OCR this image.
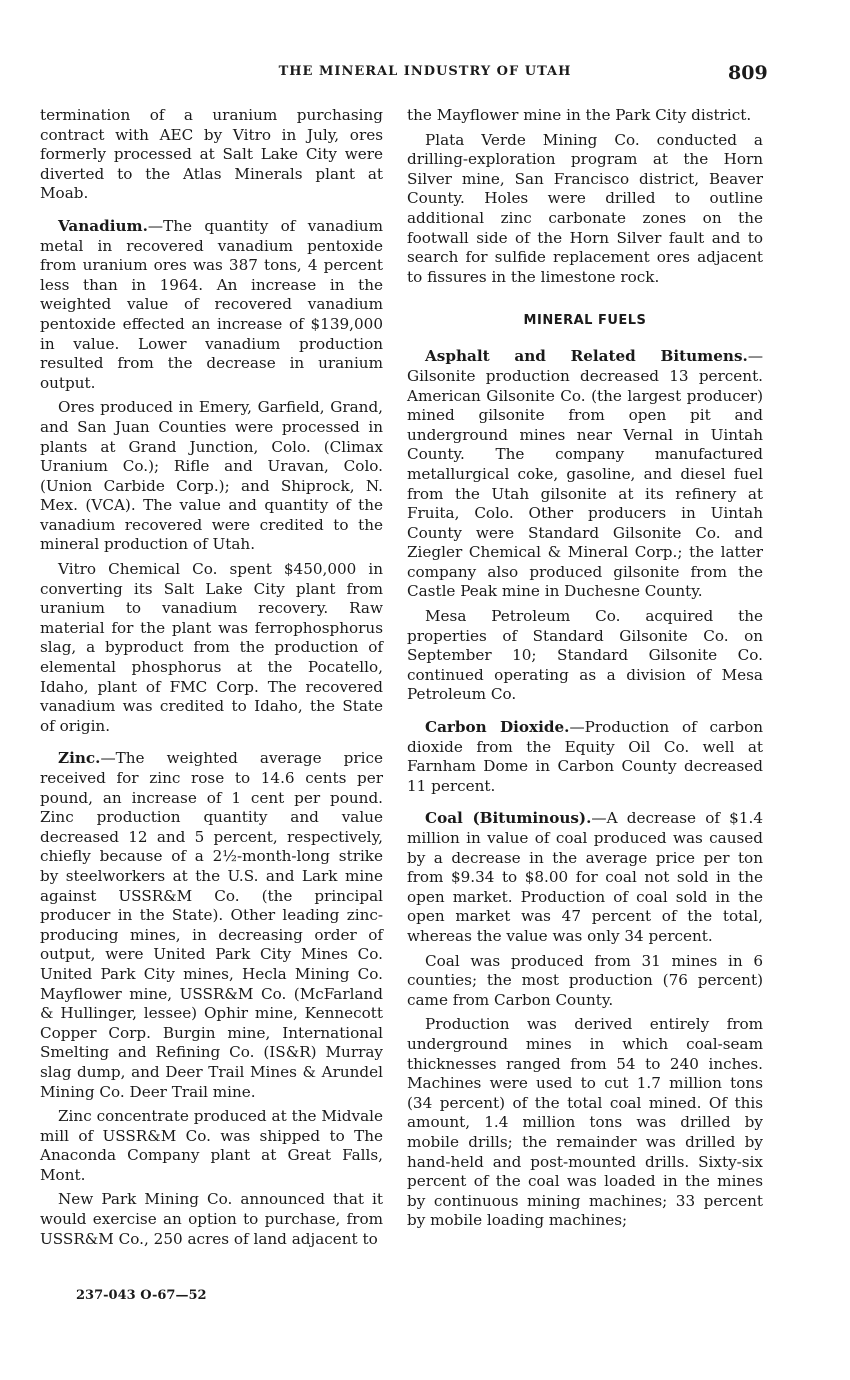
THE MINERAL INDUSTRY OF UTAH	809

termination of a uranium purchasing contract with AEC by Vitro in July, ores formerly processed at Salt Lake City were diverted to the Atlas Minerals plant at Moab.

Vanadium.—The quantity of vanadium metal in recovered vanadium pentoxide from uranium ores was 387 tons, 4 percent less than in 1964. An increase in the weighted value of recovered vanadium pentoxide effected an increase of $139,000 in value. Lower vanadium production resulted from the decrease in uranium output.

Ores produced in Emery, Garfield, Grand, and San Juan Counties were processed in plants at Grand Junction, Colo. (Climax Uranium Co.); Rifle and Uravan, Colo. (Union Carbide Corp.); and Shiprock, N. Mex. (VCA). The value and quantity of the vanadium recovered were credited to the mineral production of Utah.

Vitro Chemical Co. spent $450,000 in converting its Salt Lake City plant from uranium to vanadium recovery. Raw material for the plant was ferrophosphorus slag, a byproduct from the production of elemental phosphorus at the Pocatello, Idaho, plant of FMC Corp. The recovered vanadium was credited to Idaho, the State of origin.

Zinc.—The weighted average price received for zinc rose to 14.6 cents per pound, an increase of 1 cent per pound. Zinc production quantity and value decreased 12 and 5 percent, respectively, chiefly because of a 2½-month-long strike by steelworkers at the U.S. and Lark mine against USSR&M Co. (the principal producer in the State). Other leading zinc-producing mines, in decreasing order of output, were United Park City Mines Co. United Park City mines, Hecla Mining Co. Mayflower mine, USSR&M Co. (McFarland & Hullinger, lessee) Ophir mine, Kennecott Copper Corp. Burgin mine, International Smelting and Refining Co. (IS&R) Murray slag dump, and Deer Trail Mines & Arundel Mining Co. Deer Trail mine.

Zinc concentrate produced at the Midvale mill of USSR&M Co. was shipped to The Anaconda Company plant at Great Falls, Mont.

New Park Mining Co. announced that it would exercise an option to purchase, from USSR&M Co., 250 acres of land adjacent to

the Mayflower mine in the Park City district.

Plata Verde Mining Co. conducted a drilling-exploration program at the Horn Silver mine, San Francisco district, Beaver County. Holes were drilled to outline additional zinc carbonate zones on the footwall side of the Horn Silver fault and to search for sulfide replacement ores adjacent to fissures in the limestone rock.

MINERAL FUELS

Asphalt and Related Bitumens.—Gilsonite production decreased 13 percent. American Gilsonite Co. (the largest producer) mined gilsonite from open pit and underground mines near Vernal in Uintah County. The company manufactured metallurgical coke, gasoline, and diesel fuel from the Utah gilsonite at its refinery at Fruita, Colo. Other producers in Uintah County were Standard Gilsonite Co. and Ziegler Chemical & Mineral Corp.; the latter company also produced gilsonite from the Castle Peak mine in Duchesne County.

Mesa Petroleum Co. acquired the properties of Standard Gilsonite Co. on September 10; Standard Gilsonite Co. continued operating as a division of Mesa Petroleum Co.

Carbon Dioxide.—Production of carbon dioxide from the Equity Oil Co. well at Farnham Dome in Carbon County decreased 11 percent.

Coal (Bituminous).—A decrease of $1.4 million in value of coal produced was caused by a decrease in the average price per ton from $9.34 to $8.00 for coal not sold in the open market. Production of coal sold in the open market was 47 percent of the total, whereas the value was only 34 percent.

Coal was produced from 31 mines in 6 counties; the most production (76 percent) came from Carbon County.

Production was derived entirely from underground mines in which coal-seam thicknesses ranged from 54 to 240 inches. Machines were used to cut 1.7 million tons (34 percent) of the total coal mined. Of this amount, 1.4 million tons was drilled by mobile drills; the remainder was drilled by hand-held and post-mounted drills. Sixty-six percent of the coal was loaded in the mines by continuous mining machines; 33 percent by mobile loading machines;

237-043 O-67—52
